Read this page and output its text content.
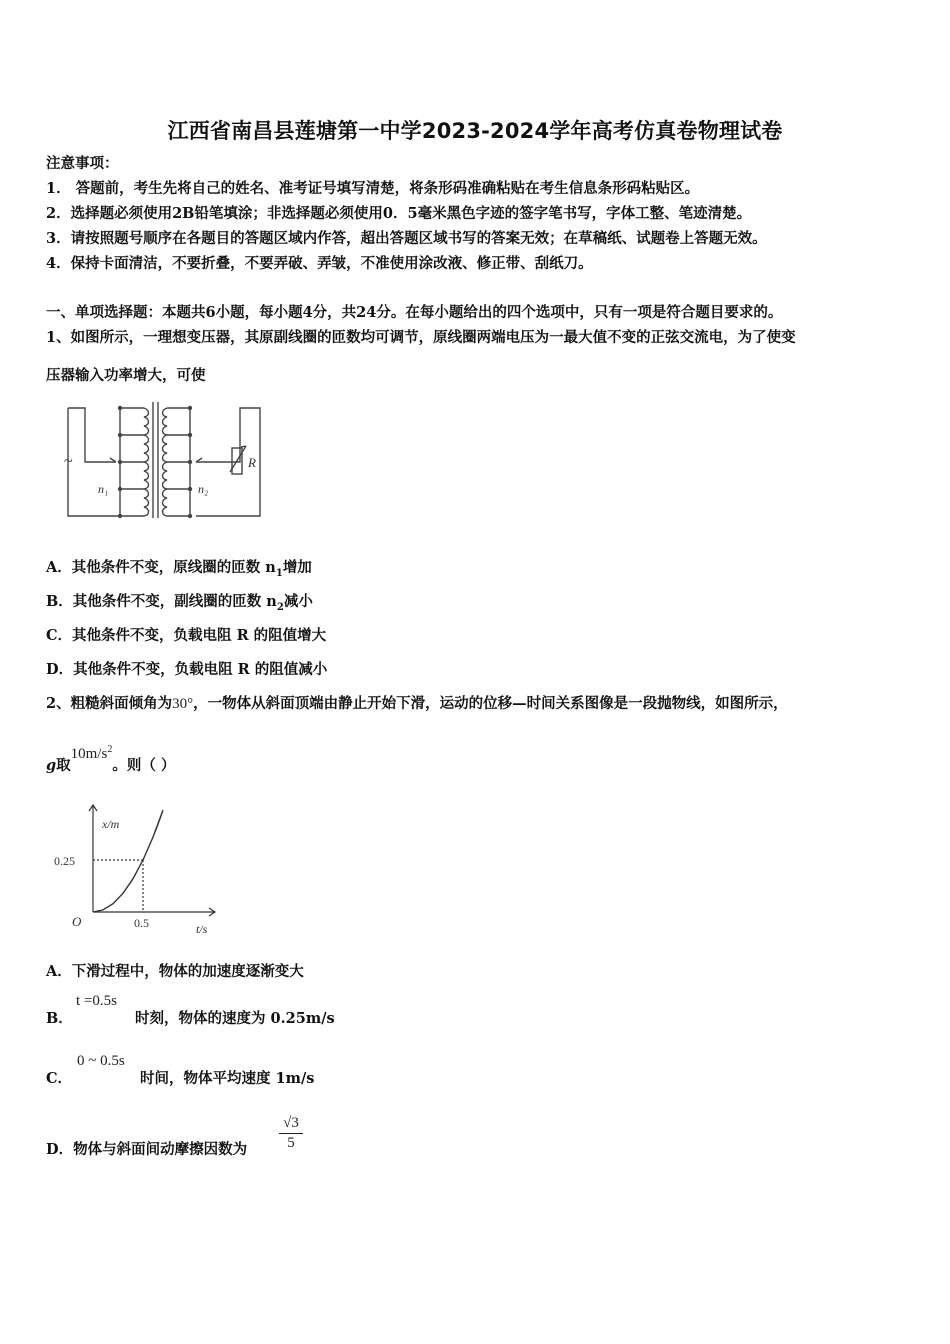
江西省南昌县莲塘第一中学2023-2024学年高考仿真卷物理试卷
注意事项：
1． 答题前，考生先将自己的姓名、准考证号填写清楚，将条形码准确粘贴在考生信息条形码粘贴区。
2．选择题必须使用2B铅笔填涂；非选择题必须使用0．5毫米黑色字迹的签字笔书写，字体工整、笔迹清楚。
3．请按照题号顺序在各题目的答题区域内作答，超出答题区域书写的答案无效；在草稿纸、试题卷上答题无效。
4．保持卡面清洁，不要折叠，不要弄破、弄皱，不准使用涂改液、修正带、刮纸刀。
一、单项选择题：本题共6小题，每小题4分，共24分。在每小题给出的四个选项中，只有一项是符合题目要求的。
1、如图所示，一理想变压器，其原副线圈的匝数均可调节，原线圈两端电压为一最大值不变的正弦交流电，为了使变
压器输入功率增大，可使
~	R
n₁	n₂
A．其他条件不变，原线圈的匝数 $n_1$增加
B．其他条件不变，副线圈的匝数 $n_2$减小
C．其他条件不变，负载电阻 R 的阻值增大
D．其他条件不变，负载电阻 R 的阻值减小
2、粗糙斜面倾角为30°，一物体从斜面顶端由静止开始下滑，运动的位移—时间关系图像是一段抛物线，如图所示，
g取$10m/s^2$。则（ ）
x/m
t/s
O
0.25
0.5
A．下滑过程中，物体的加速度逐渐变大
B．
t =0.5s
时刻，物体的速度为 0.25m/s
C．
0 ~ 0.5s
时间，物体平均速度 1m/s
D．物体与斜面间动摩擦因数为 $\frac{√3}{5}$
